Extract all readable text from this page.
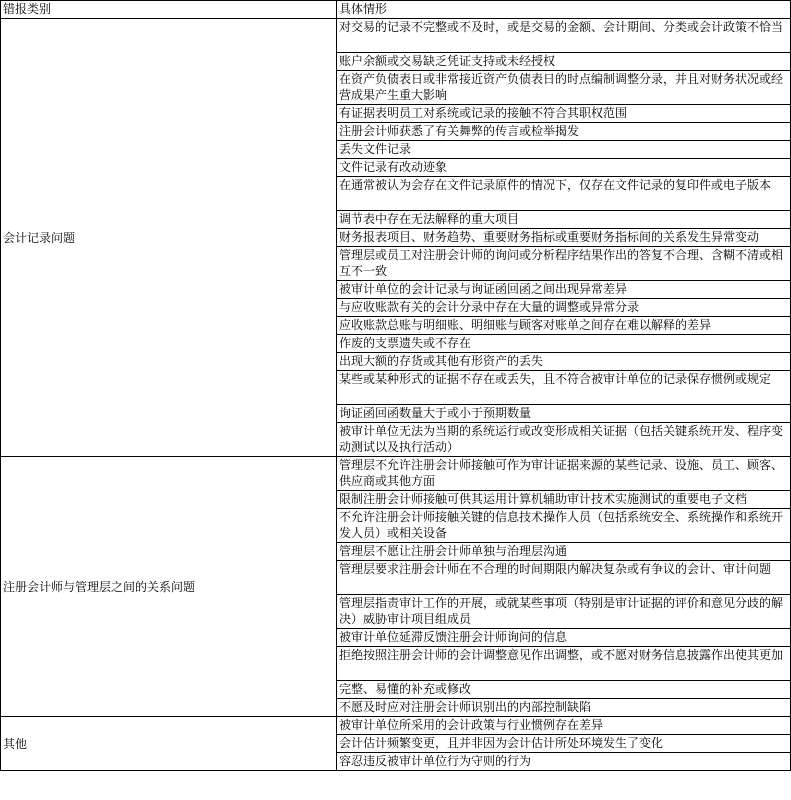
错报类别	具体情形
会计记录问题	对交易的记录不完整或不及时，或是交易的金额、会计期间、分类或会计政策不恰当
	账户余额或交易缺乏凭证支持或未经授权
	在资产负债表日或非常接近资产负债表日的时点编制调整分录，并且对财务状况或经营成果产生重大影响
	有证据表明员工对系统或记录的接触不符合其职权范围
	注册会计师获悉了有关舞弊的传言或检举揭发
	丢失文件记录
	文件记录有改动迹象
	在通常被认为会存在文件记录原件的情况下，仅存在文件记录的复印件或电子版本
	调节表中存在无法解释的重大项目
	财务报表项目、财务趋势、重要财务指标或重要财务指标间的关系发生异常变动
	管理层或员工对注册会计师的询问或分析程序结果作出的答复不合理、含糊不清或相互不一致
	被审计单位的会计记录与询证函回函之间出现异常差异
	与应收账款有关的会计分录中存在大量的调整或异常分录
	应收账款总账与明细账、明细账与顾客对账单之间存在难以解释的差异
	作废的支票遗失或不存在
	出现大额的存货或其他有形资产的丢失
	某些或某种形式的证据不存在或丢失，且不符合被审计单位的记录保存惯例或规定
	询证函回函数量大于或小于预期数量
	被审计单位无法为当期的系统运行或改变形成相关证据（包括关键系统开发、程序变动测试以及执行活动）
注册会计师与管理层之间的关系问题	管理层不允许注册会计师接触可作为审计证据来源的某些记录、设施、员工、顾客、供应商或其他方面
	限制注册会计师接触可供其运用计算机辅助审计技术实施测试的重要电子文档
	不允许注册会计师接触关键的信息技术操作人员（包括系统安全、系统操作和系统开发人员）或相关设备
	管理层不愿让注册会计师单独与治理层沟通
	管理层要求注册会计师在不合理的时间期限内解决复杂或有争议的会计、审计问题
	管理层指责审计工作的开展，或就某些事项（特别是审计证据的评价和意见分歧的解决）威胁审计项目组成员
	被审计单位延滞反馈注册会计师询问的信息
	拒绝按照注册会计师的会计调整意见作出调整，或不愿对财务信息披露作出使其更加
	完整、易懂的补充或修改
	不愿及时应对注册会计师识别出的内部控制缺陷
其他	被审计单位所采用的会计政策与行业惯例存在差异
	会计估计频繁变更，且并非因为会计估计所处环境发生了变化
	容忍违反被审计单位行为守则的行为
